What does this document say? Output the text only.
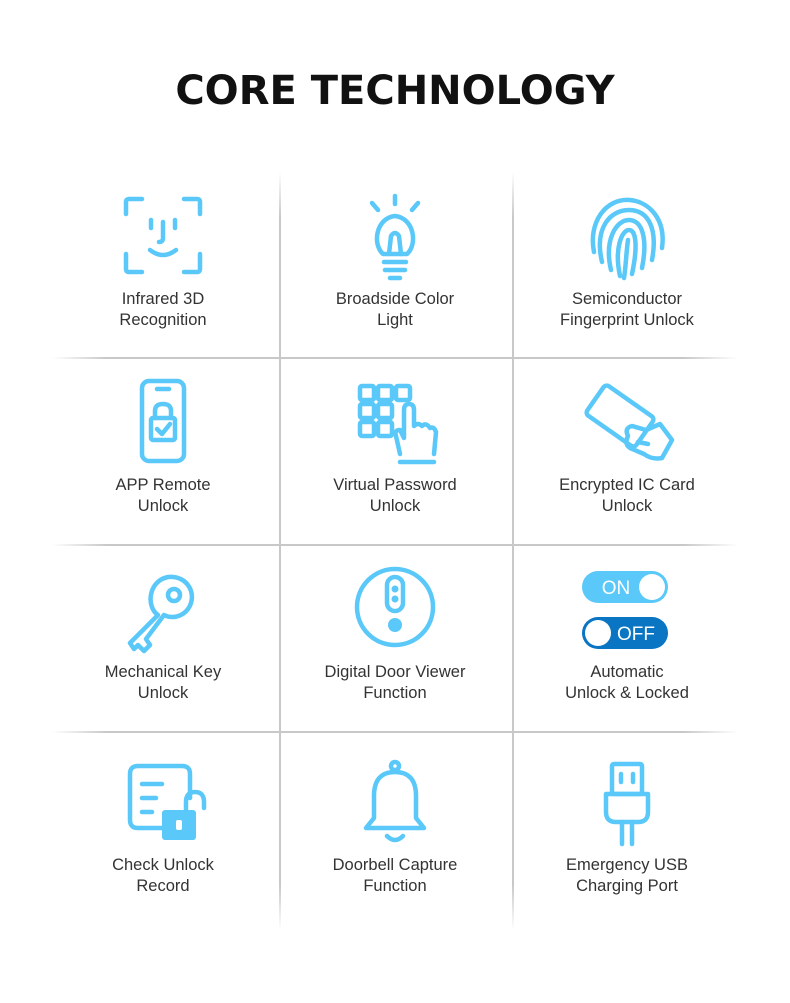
CORE TECHNOLOGY
Infrared 3D
Recognition
Broadside Color
Light
Semiconductor
Fingerprint Unlock
APP Remote
Unlock
Virtual Password
Unlock
Encrypted IC Card
Unlock
Mechanical Key
Unlock
Digital Door Viewer
Function
ON
OFF
Automatic
Unlock & Locked
Check Unlock
Record
Doorbell Capture
Function
Emergency USB
Charging Port
